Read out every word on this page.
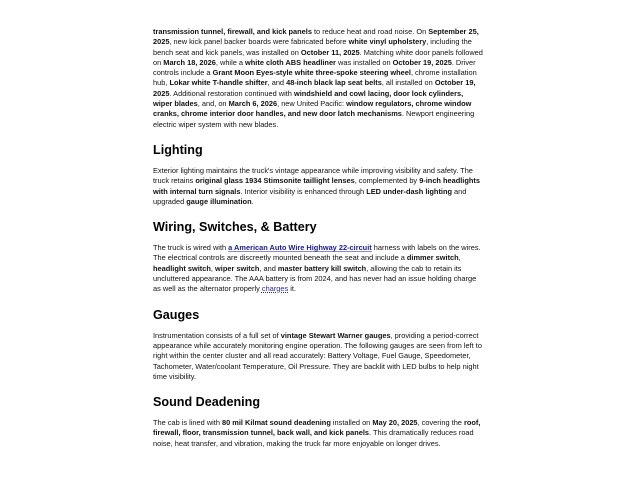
transmission tunnel, firewall, and kick panels to reduce heat and road noise. On September 25, 2025, new kick panel backer boards were fabricated before white vinyl upholstery, including the bench seat and kick panels, was installed on October 11, 2025. Matching white door panels followed on March 18, 2026, while a white cloth ABS headliner was installed on October 19, 2025. Driver controls include a Grant Moon Eyes-style white three-spoke steering wheel, chrome installation hub, Lokar white T-handle shifter, and 48-inch black lap seat belts, all installed on October 19, 2025. Additional restoration continued with windshield and cowl lacing, door lock cylinders, wiper blades, and, on March 6, 2026, new United Pacific: window regulators, chrome window cranks, chrome interior door handles, and new door latch mechanisms. Newport engineering electric wiper system with new blades.

Lighting

Exterior lighting maintains the truck's vintage appearance while improving visibility and safety. The truck retains original glass 1934 Stimsonite taillight lenses, complemented by 9-inch headlights with internal turn signals. Interior visibility is enhanced through LED under-dash lighting and upgraded gauge illumination.

Wiring, Switches, & Battery

The truck is wired with a American Auto Wire Highway 22-circuit harness with labels on the wires. The electrical controls are discreetly mounted beneath the seat and include a dimmer switch, headlight switch, wiper switch, and master battery kill switch, allowing the cab to retain its uncluttered appearance. The AAA battery is from 2024, and has never had an issue holding charge as well as the alternator properly charges it.

Gauges

Instrumentation consists of a full set of vintage Stewart Warner gauges, providing a period-correct appearance while accurately monitoring engine operation. The following gauges are seen from left to right within the center cluster and all read accurately: Battery Voltage, Fuel Gauge, Speedometer, Tachometer, Water/coolant Temperature, Oil Pressure. They are backlit with LED bulbs to help night time visibility.

Sound Deadening

The cab is lined with 80 mil Kilmat sound deadening installed on May 20, 2025, covering the roof, firewall, floor, transmission tunnel, back wall, and kick panels. This dramatically reduces road noise, heat transfer, and vibration, making the truck far more enjoyable on longer drives.
